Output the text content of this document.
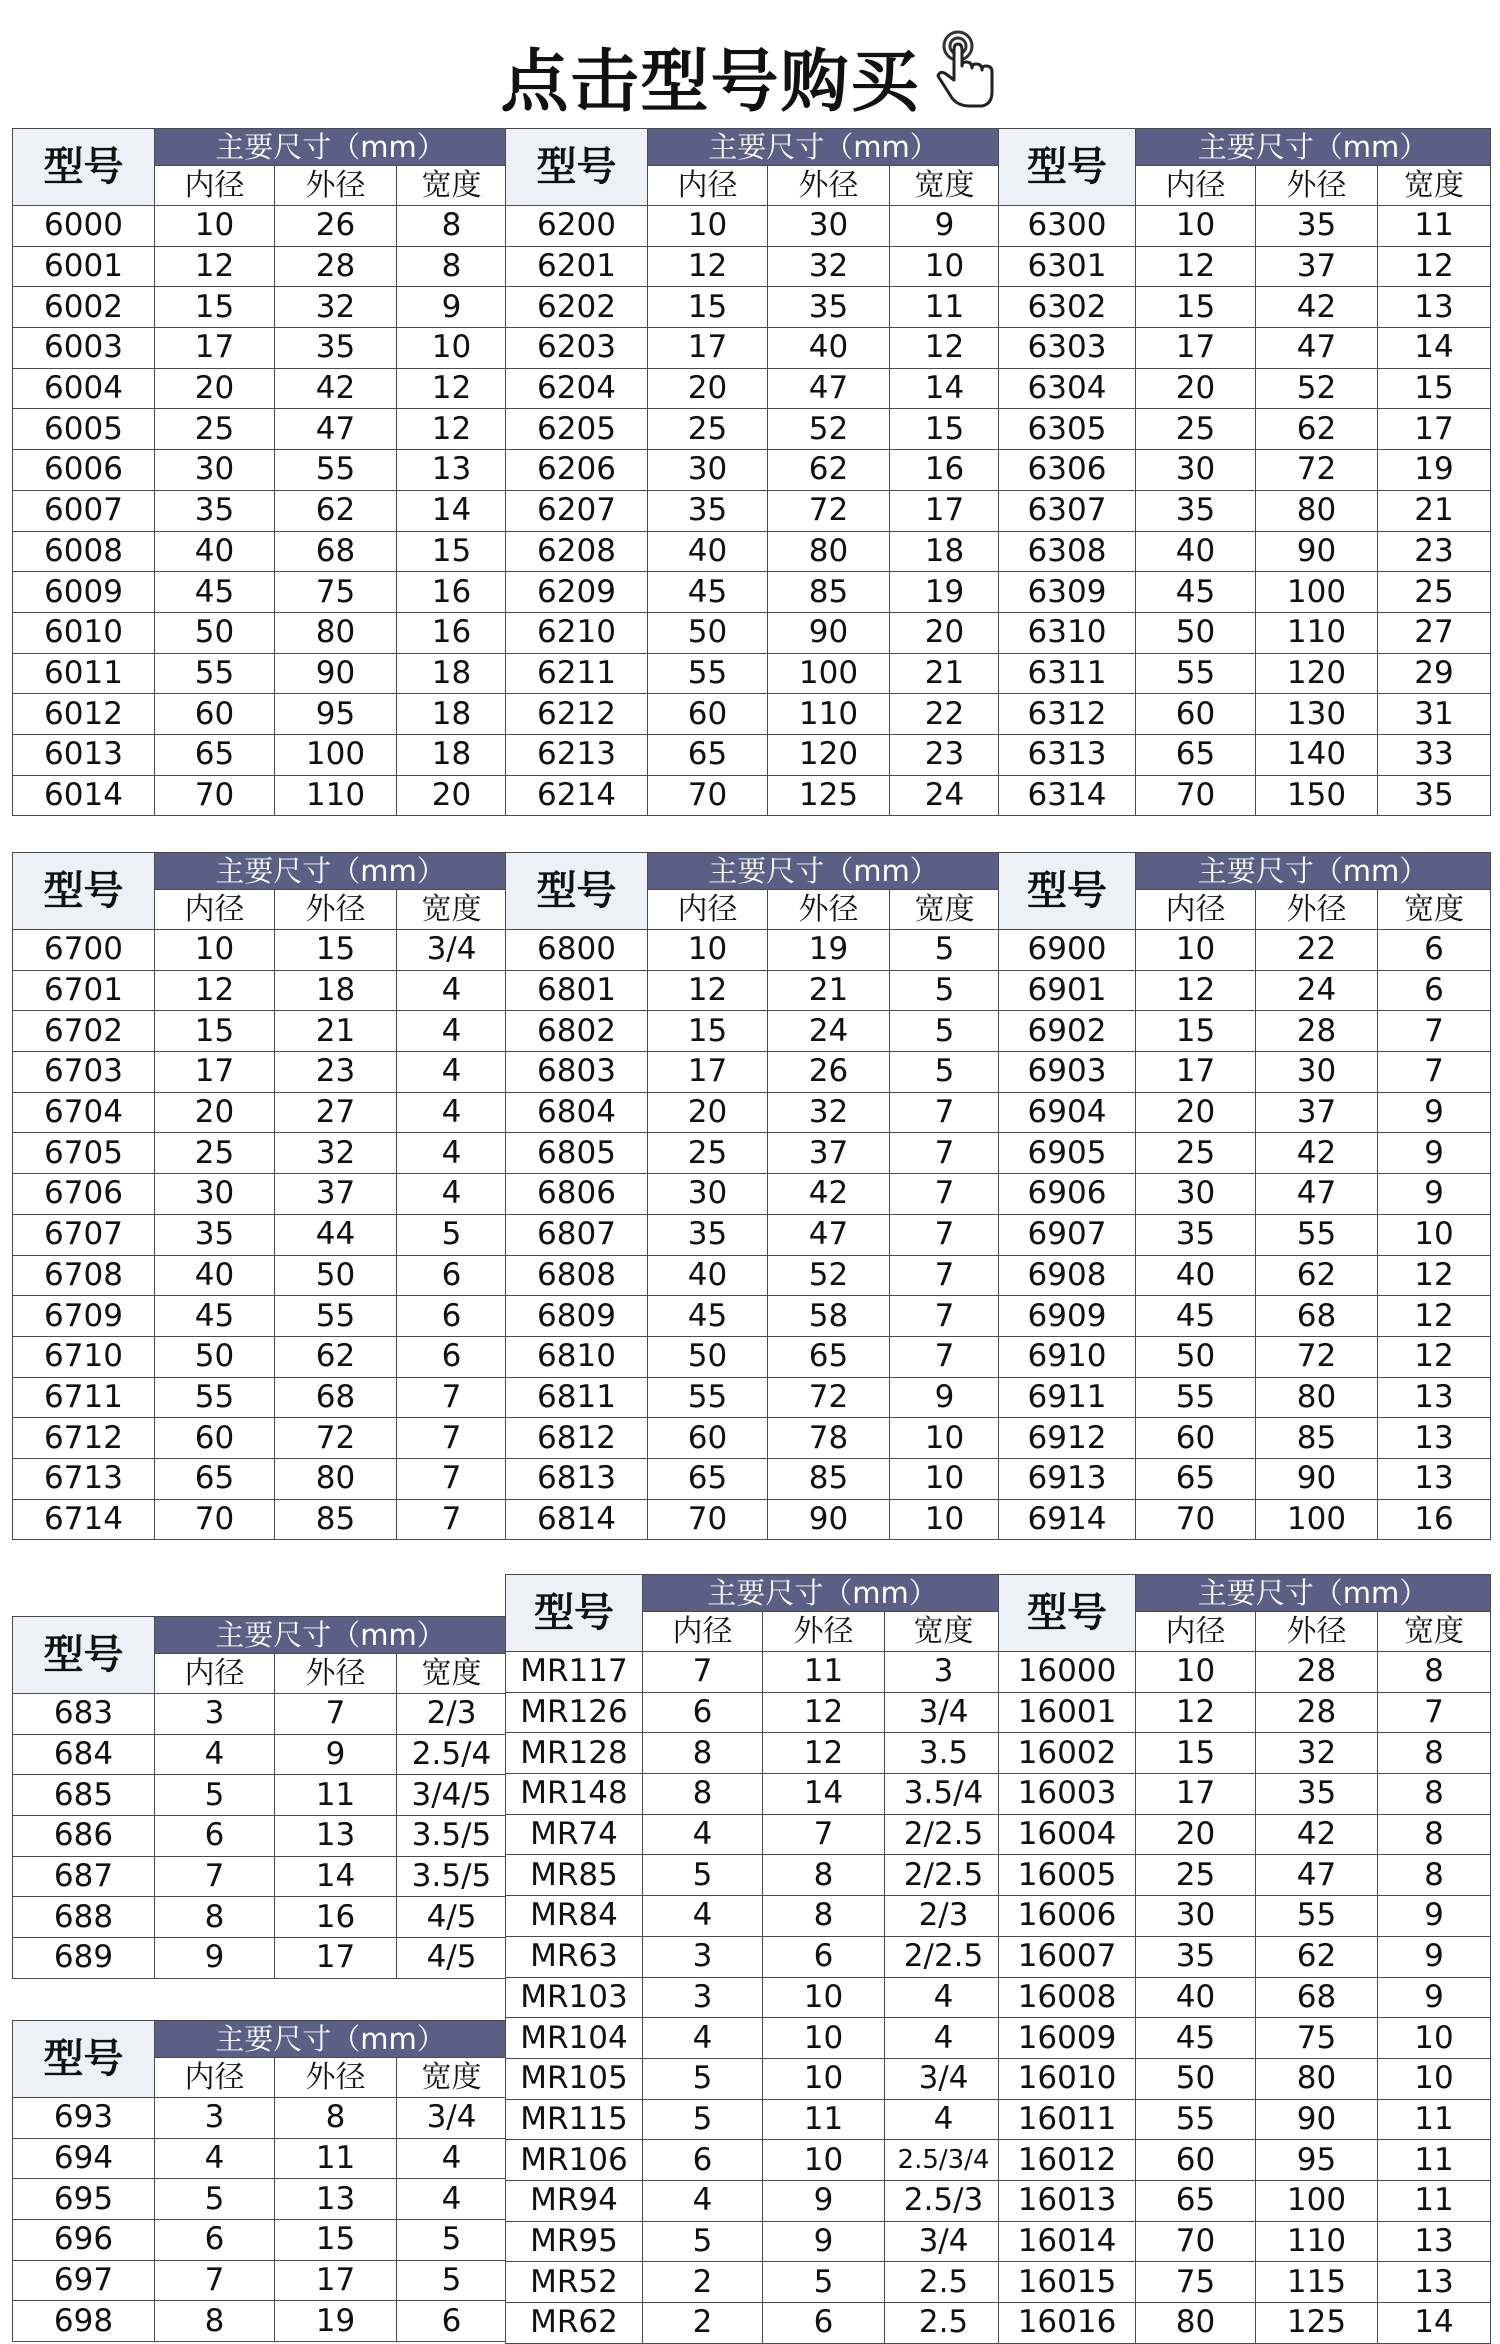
点击型号购买
型号	主要尺寸（mm）		
	内径	外径	宽度
6000	10	26	8
6001	12	28	8
6002	15	32	9
6003	17	35	10
6004	20	42	12
6005	25	47	12
6006	30	55	13
6007	35	62	14
6008	40	68	15
6009	45	75	16
6010	50	80	16
6011	55	90	18
6012	60	95	18
6013	65	100	18
6014	70	110	20
型号	主要尺寸（mm）		
	内径	外径	宽度
6200	10	30	9
6201	12	32	10
6202	15	35	11
6203	17	40	12
6204	20	47	14
6205	25	52	15
6206	30	62	16
6207	35	72	17
6208	40	80	18
6209	45	85	19
6210	50	90	20
6211	55	100	21
6212	60	110	22
6213	65	120	23
6214	70	125	24
型号	主要尺寸（mm）		
	内径	外径	宽度
6300	10	35	11
6301	12	37	12
6302	15	42	13
6303	17	47	14
6304	20	52	15
6305	25	62	17
6306	30	72	19
6307	35	80	21
6308	40	90	23
6309	45	100	25
6310	50	110	27
6311	55	120	29
6312	60	130	31
6313	65	140	33
6314	70	150	35
型号	主要尺寸（mm）		
	内径	外径	宽度
6700	10	15	3/4
6701	12	18	4
6702	15	21	4
6703	17	23	4
6704	20	27	4
6705	25	32	4
6706	30	37	4
6707	35	44	5
6708	40	50	6
6709	45	55	6
6710	50	62	6
6711	55	68	7
6712	60	72	7
6713	65	80	7
6714	70	85	7
型号	主要尺寸（mm）		
	内径	外径	宽度
6800	10	19	5
6801	12	21	5
6802	15	24	5
6803	17	26	5
6804	20	32	7
6805	25	37	7
6806	30	42	7
6807	35	47	7
6808	40	52	7
6809	45	58	7
6810	50	65	7
6811	55	72	9
6812	60	78	10
6813	65	85	10
6814	70	90	10
型号	主要尺寸（mm）		
	内径	外径	宽度
6900	10	22	6
6901	12	24	6
6902	15	28	7
6903	17	30	7
6904	20	37	9
6905	25	42	9
6906	30	47	9
6907	35	55	10
6908	40	62	12
6909	45	68	12
6910	50	72	12
6911	55	80	13
6912	60	85	13
6913	65	90	13
6914	70	100	16
型号	主要尺寸（mm）		
	内径	外径	宽度
683	3	7	2/3
684	4	9	2.5/4
685	5	11	3/4/5
686	6	13	3.5/5
687	7	14	3.5/5
688	8	16	4/5
689	9	17	4/5
型号	主要尺寸（mm）		
	内径	外径	宽度
693	3	8	3/4
694	4	11	4
695	5	13	4
696	6	15	5
697	7	17	5
698	8	19	6
型号	主要尺寸（mm）		
	内径	外径	宽度
MR117	7	11	3
MR126	6	12	3/4
MR128	8	12	3.5
MR148	8	14	3.5/4
MR74	4	7	2/2.5
MR85	5	8	2/2.5
MR84	4	8	2/3
MR63	3	6	2/2.5
MR103	3	10	4
MR104	4	10	4
MR105	5	10	3/4
MR115	5	11	4
MR106	6	10	2.5/3/4
MR94	4	9	2.5/3
MR95	5	9	3/4
MR52	2	5	2.5
MR62	2	6	2.5
型号	主要尺寸（mm）		
	内径	外径	宽度
16000	10	28	8
16001	12	28	7
16002	15	32	8
16003	17	35	8
16004	20	42	8
16005	25	47	8
16006	30	55	9
16007	35	62	9
16008	40	68	9
16009	45	75	10
16010	50	80	10
16011	55	90	11
16012	60	95	11
16013	65	100	11
16014	70	110	13
16015	75	115	13
16016	80	125	14
